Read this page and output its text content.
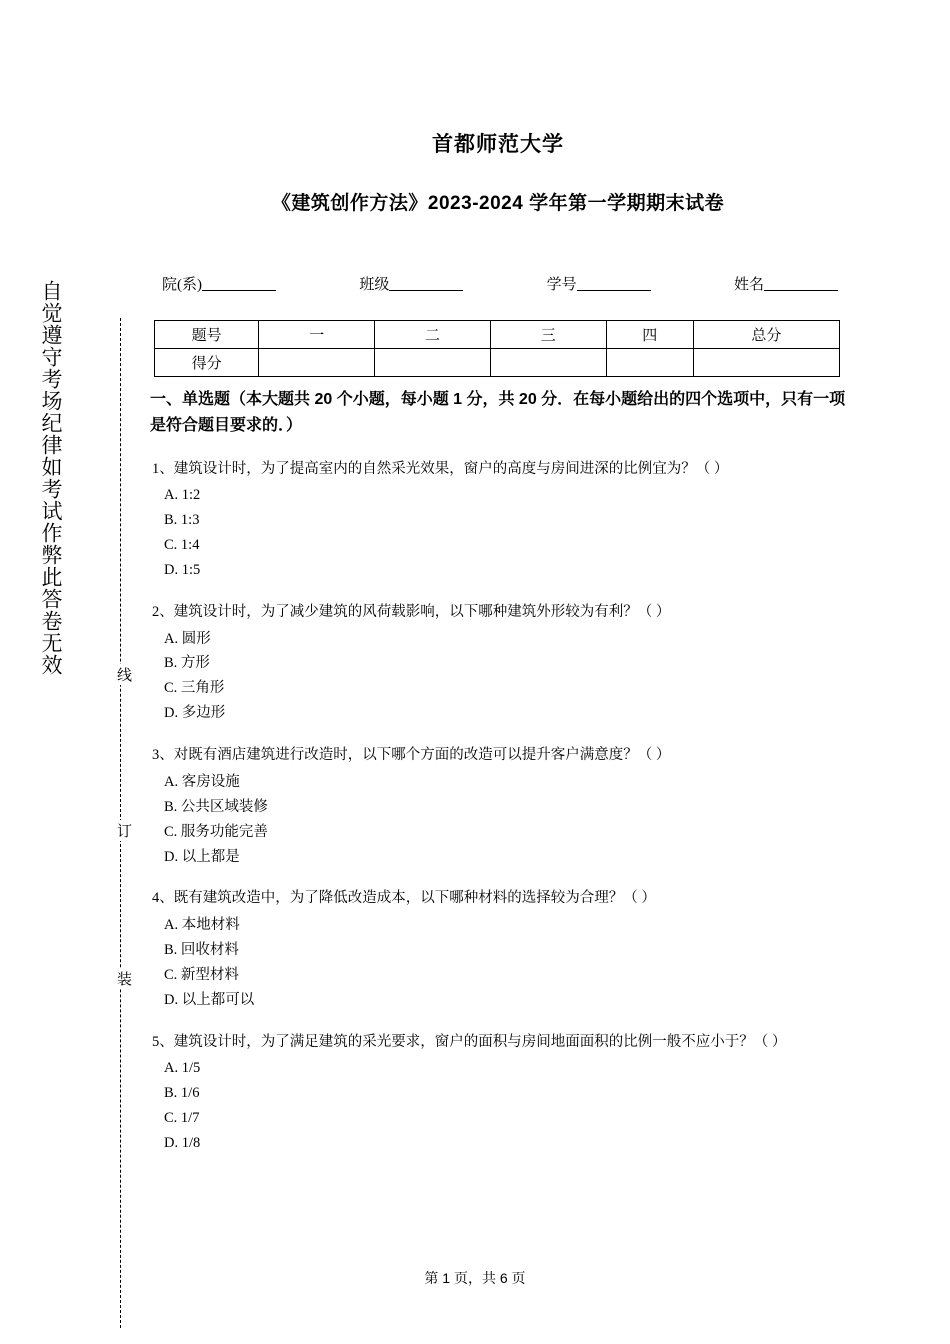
自觉遵守考场纪律如考试作弊此答卷无效	线
订
装
首都师范大学
《建筑创作方法》2023-2024 学年第一学期期末试卷
院(系)	班级	学号	姓名
题号	一	二	三	四	总分
得分					
一、单选题（本大题共 20 个小题，每小题 1 分，共 20 分．在每小题给出的四个选项中，只有一项是符合题目要求的．）
1、建筑设计时，为了提高室内的自然采光效果，窗户的高度与房间进深的比例宜为？（ ）
A. 1:2
B. 1:3
C. 1:4
D. 1:5
2、建筑设计时，为了减少建筑的风荷载影响，以下哪种建筑外形较为有利？（ ）
A. 圆形
B. 方形
C. 三角形
D. 多边形
3、对既有酒店建筑进行改造时，以下哪个方面的改造可以提升客户满意度？（ ）
A. 客房设施
B. 公共区域装修
C. 服务功能完善
D. 以上都是
4、既有建筑改造中，为了降低改造成本，以下哪种材料的选择较为合理？（ ）
A. 本地材料
B. 回收材料
C. 新型材料
D. 以上都可以
5、建筑设计时，为了满足建筑的采光要求，窗户的面积与房间地面面积的比例一般不应小于？（ ）
A. 1/5
B. 1/6
C. 1/7
D. 1/8
第 1 页，共 6 页
